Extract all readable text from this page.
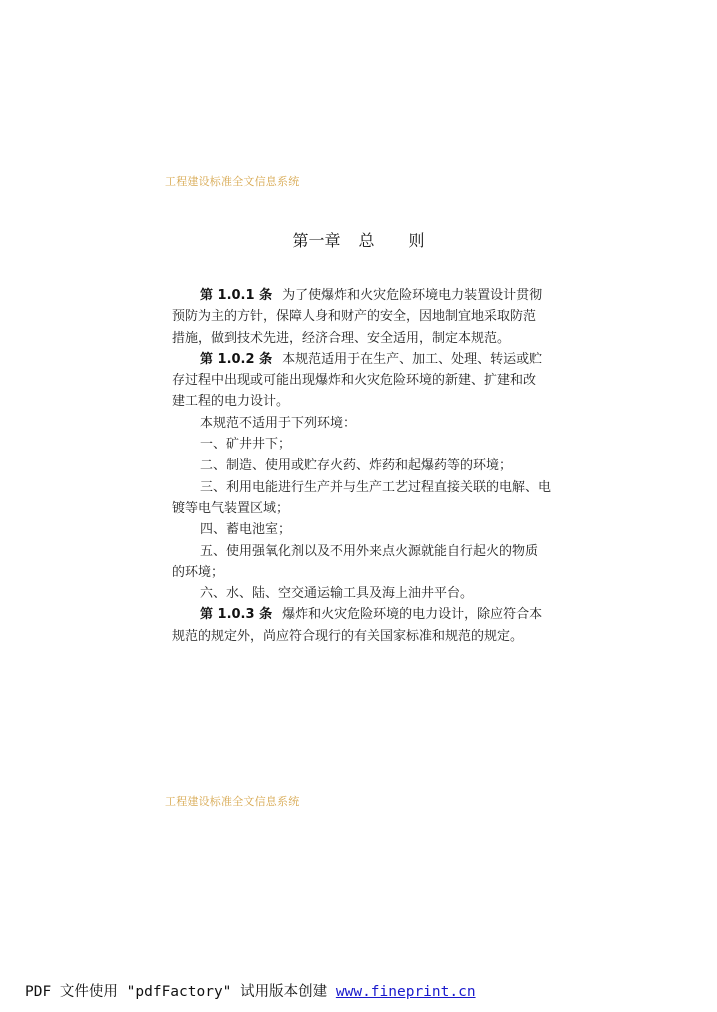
工程建设标准全文信息系统
第一章 总 则
第 1.0.1 条 为了使爆炸和火灾危险环境电力装置设计贯彻
预防为主的方针，保障人身和财产的安全，因地制宜地采取防范
措施，做到技术先进，经济合理、安全适用，制定本规范。
第 1.0.2 条 本规范适用于在生产、加工、处理、转运或贮
存过程中出现或可能出现爆炸和火灾危险环境的新建、扩建和改
建工程的电力设计。
本规范不适用于下列环境：
一、矿井井下；
二、制造、使用或贮存火药、炸药和起爆药等的环境；
三、利用电能进行生产并与生产工艺过程直接关联的电解、电
镀等电气装置区域；
四、蓄电池室；
五、使用强氧化剂以及不用外来点火源就能自行起火的物质
的环境；
六、水、陆、空交通运输工具及海上油井平台。
第 1.0.3 条 爆炸和火灾危险环境的电力设计，除应符合本
规范的规定外，尚应符合现行的有关国家标准和规范的规定。
工程建设标准全文信息系统
PDF 文件使用 "pdfFactory" 试用版本创建 www.fineprint.cn
